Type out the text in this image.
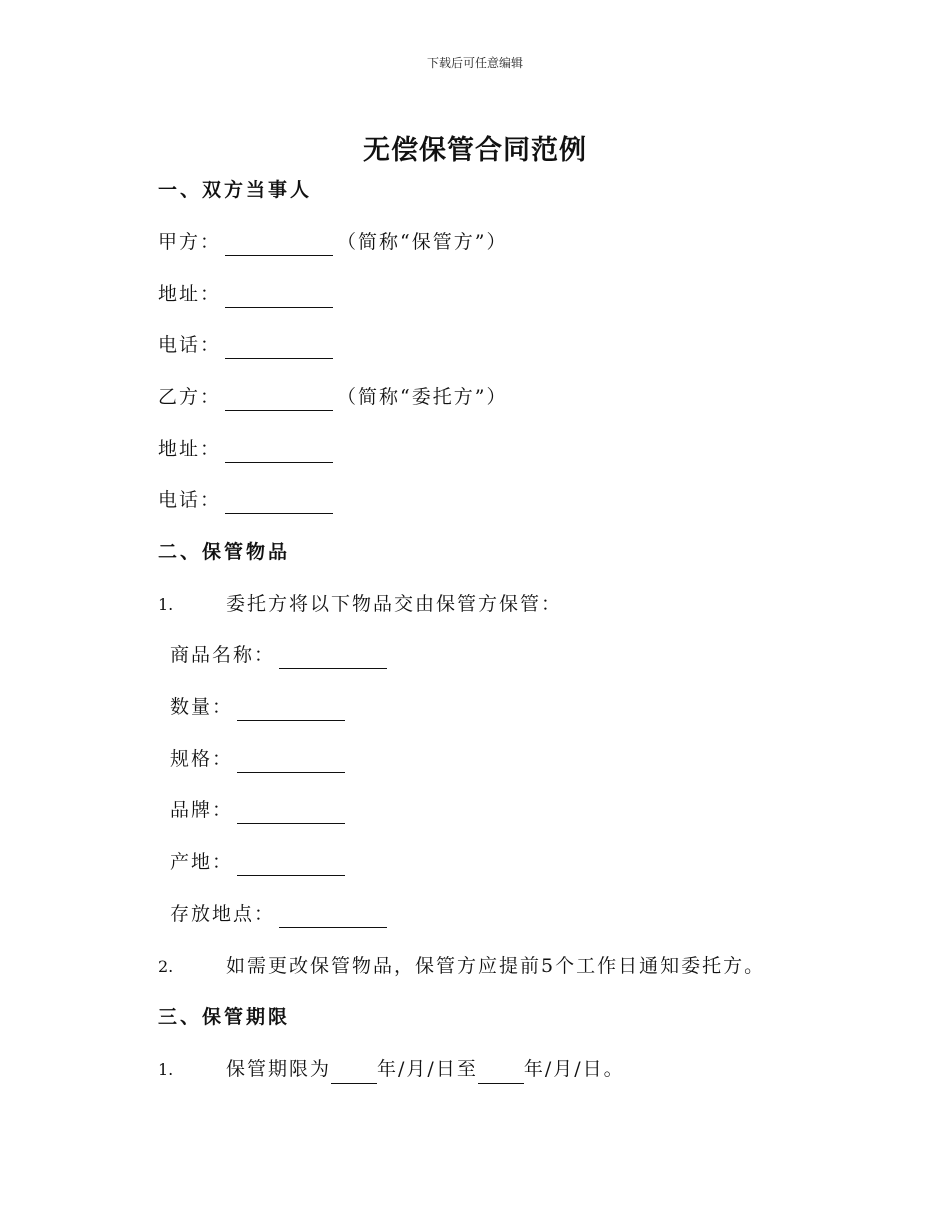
下载后可任意编辑
无偿保管合同范例
一、双方当事人
甲方：	（简称“保管方”）
地址：
电话：
乙方：	（简称“委托方”）
地址：
电话：
二、保管物品
1.	委托方将以下物品交由保管方保管：
商品名称：
数量：
规格：
品牌：
产地：
存放地点：
2.	如需更改保管物品，保管方应提前5个工作日通知委托方。
三、保管期限
1.	保管期限为 年/月/日至 年/月/日。
